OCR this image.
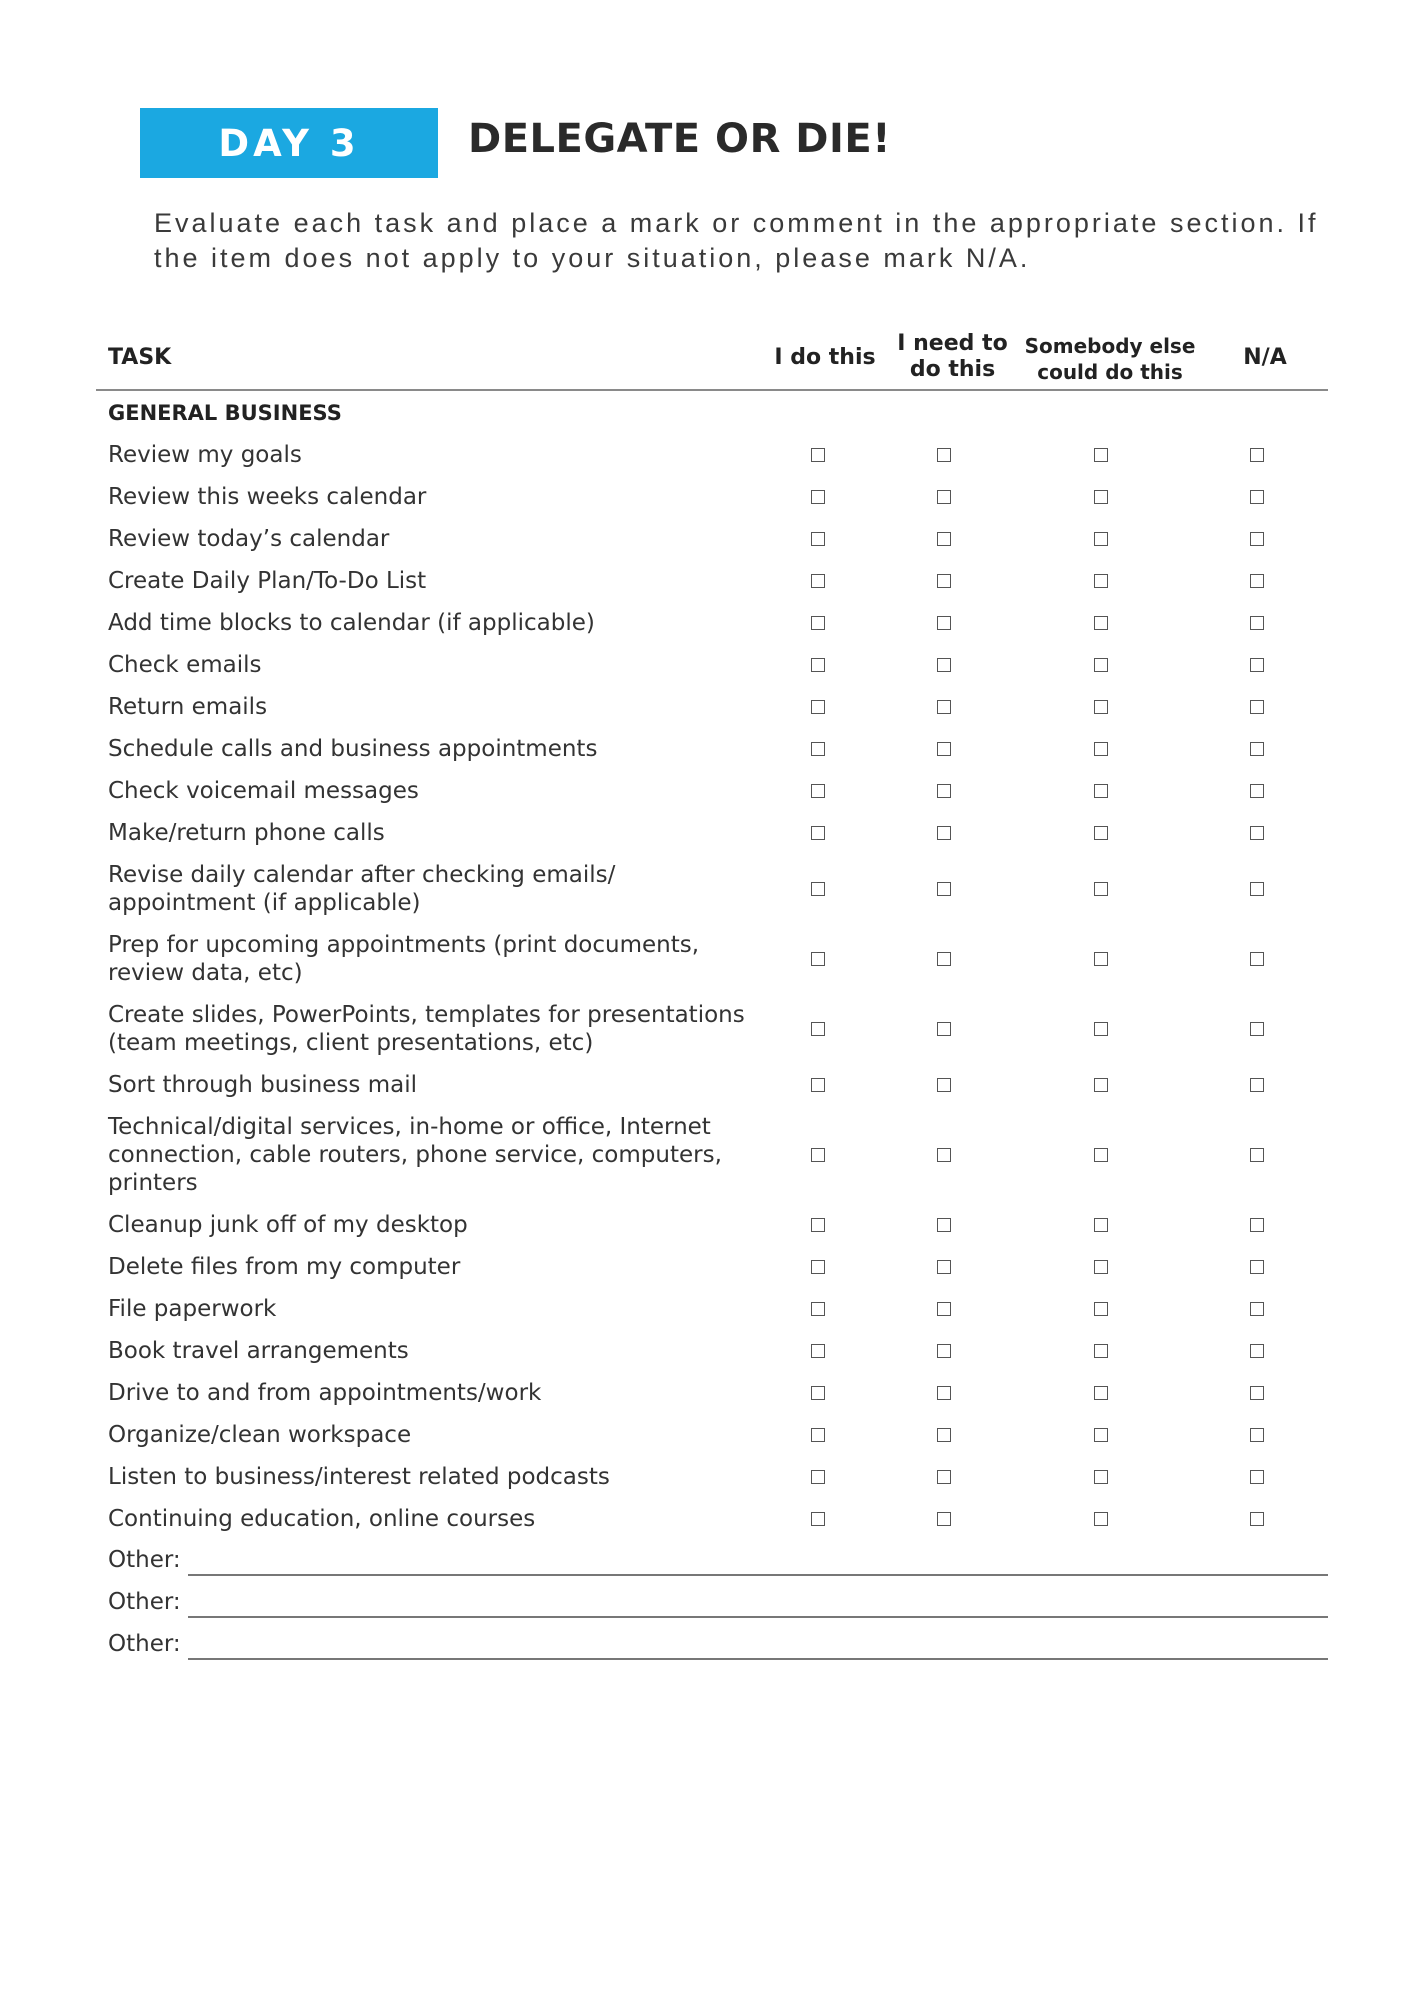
DAY 3	DELEGATE OR DIE!
Evaluate each task and place a mark or comment in the appropriate section. If the item does not apply to your situation, please mark N/A.
TASK	I do this
I need to do this
Somebody else could do this
N/A
GENERAL BUSINESS
Review my goals
Review this weeks calendar
Review today’s calendar
Create Daily Plan/To-Do List
Add time blocks to calendar (if applicable)
Check emails
Return emails
Schedule calls and business appointments
Check voicemail messages
Make/return phone calls
Revise daily calendar after checking emails/
appointment (if applicable)
Prep for upcoming appointments (print documents,
review data, etc)
Create slides, PowerPoints, templates for presentations
(team meetings, client presentations, etc)
Sort through business mail
Technical/digital services, in-home or office, Internet
connection, cable routers, phone service, computers,
printers
Cleanup junk off of my desktop
Delete files from my computer
File paperwork
Book travel arrangements
Drive to and from appointments/work
Organize/clean workspace
Listen to business/interest related podcasts
Continuing education, online courses
Other:
Other:
Other:
